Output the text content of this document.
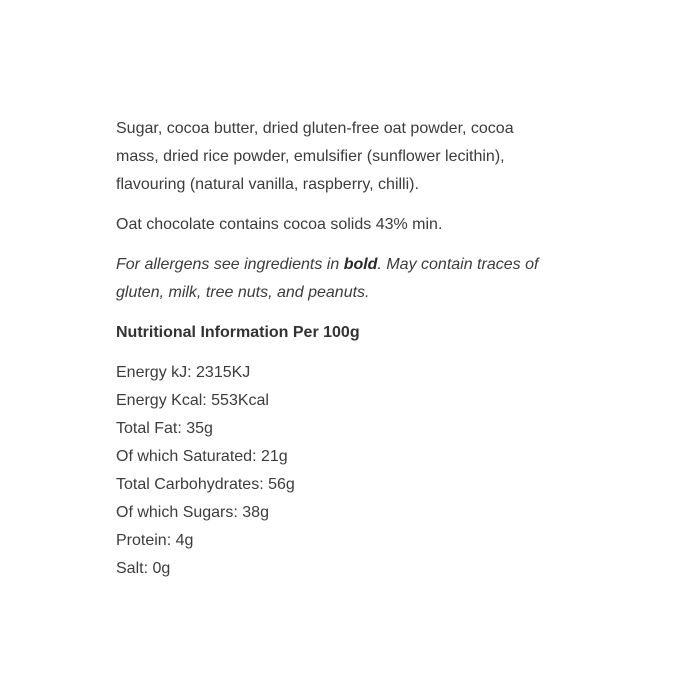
Sugar, cocoa butter, dried gluten-free oat powder, cocoa mass, dried rice powder, emulsifier (sunflower lecithin), flavouring (natural vanilla, raspberry, chilli).

Oat chocolate contains cocoa solids 43% min.

For allergens see ingredients in bold. May contain traces of gluten, milk, tree nuts, and peanuts.

Nutritional Information Per 100g

Energy kJ: 2315KJ
Energy Kcal: 553Kcal
Total Fat: 35g
Of which Saturated: 21g
Total Carbohydrates: 56g
Of which Sugars: 38g
Protein: 4g
Salt: 0g
